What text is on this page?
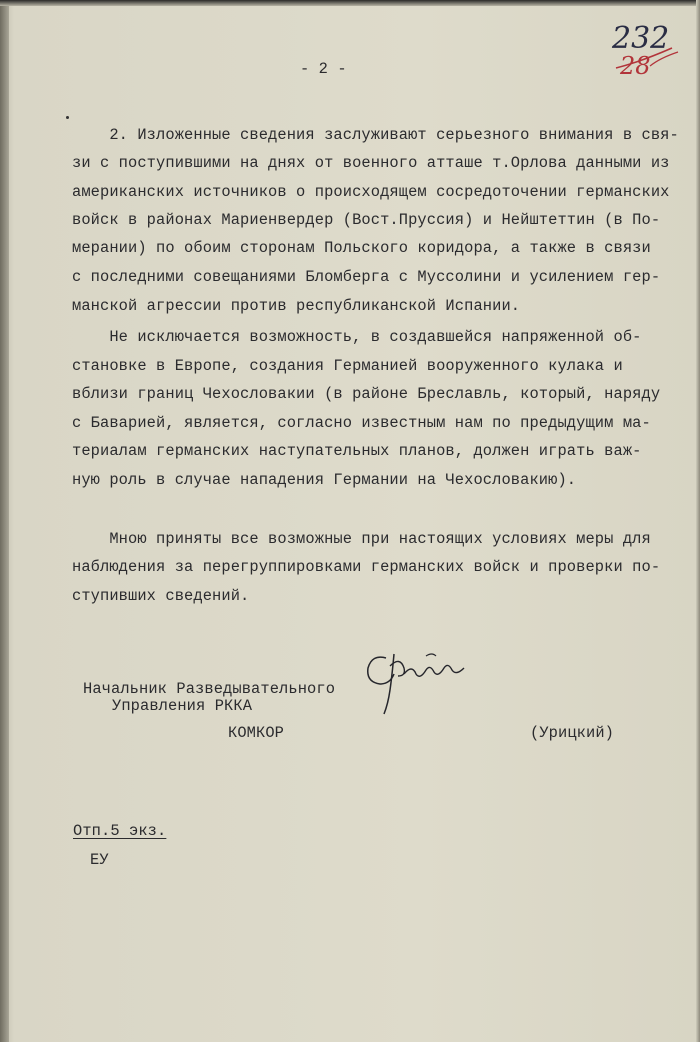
232
28
- 2 -
2. Изложенные сведения заслуживают серьезного внимания в свя-
зи с поступившими на днях от военного атташе т.Орлова данными из
американских источников о происходящем сосредоточении германских
войск в районах Мариенвердер (Вост.Пруссия) и Нейштеттин (в По-
мерании) по обоим сторонам Польского коридора, а также в связи
с последними совещаниями Бломберга с Муссолини и усилением гер-
манской агрессии против республиканской Испании.
Не исключается возможность, в создавшейся напряженной об-
становке в Европе, создания Германией вооруженного кулака и
вблизи границ Чехословакии (в районе Бреславль, который, наряду
с Баварией, является, согласно известным нам по предыдущим ма-
териалам германских наступательных планов, должен играть важ-
ную роль в случае нападения Германии на Чехословакию).
Мною приняты все возможные при настоящих условиях меры для
наблюдения за перегруппировками германских войск и проверки по-
ступивших сведений.
Начальник Разведывательного
Управления РККА
КОМКОР	(Урицкий)
Отп.5 экз.
ЕУ
